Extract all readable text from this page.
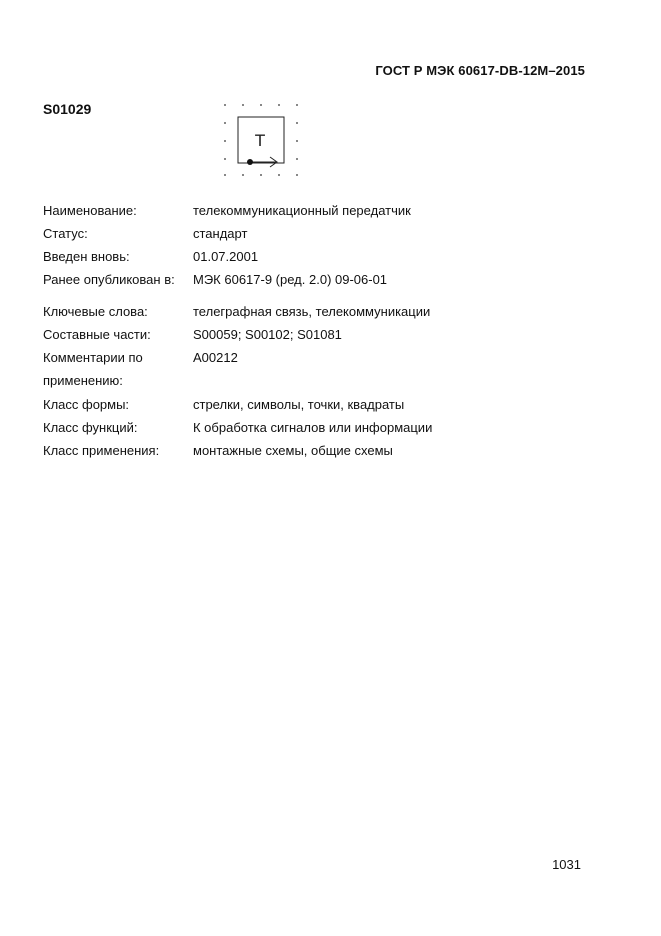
ГОСТ Р МЭК 60617-DB-12M–2015
S01029
T
Наименование:	телекоммуникационный передатчик
Статус:	стандарт
Введен вновь:	01.07.2001
Ранее опубликован в:	МЭК 60617-9 (ред. 2.0) 09-06-01
Ключевые слова:	телеграфная связь, телекоммуникации
Составные части:	S00059; S00102; S01081
Комментарии по	A00212
применению:
Класс формы:	стрелки, символы, точки, квадраты
Класс функций:	К обработка сигналов или информации
Класс применения:	монтажные схемы, общие схемы
1031
